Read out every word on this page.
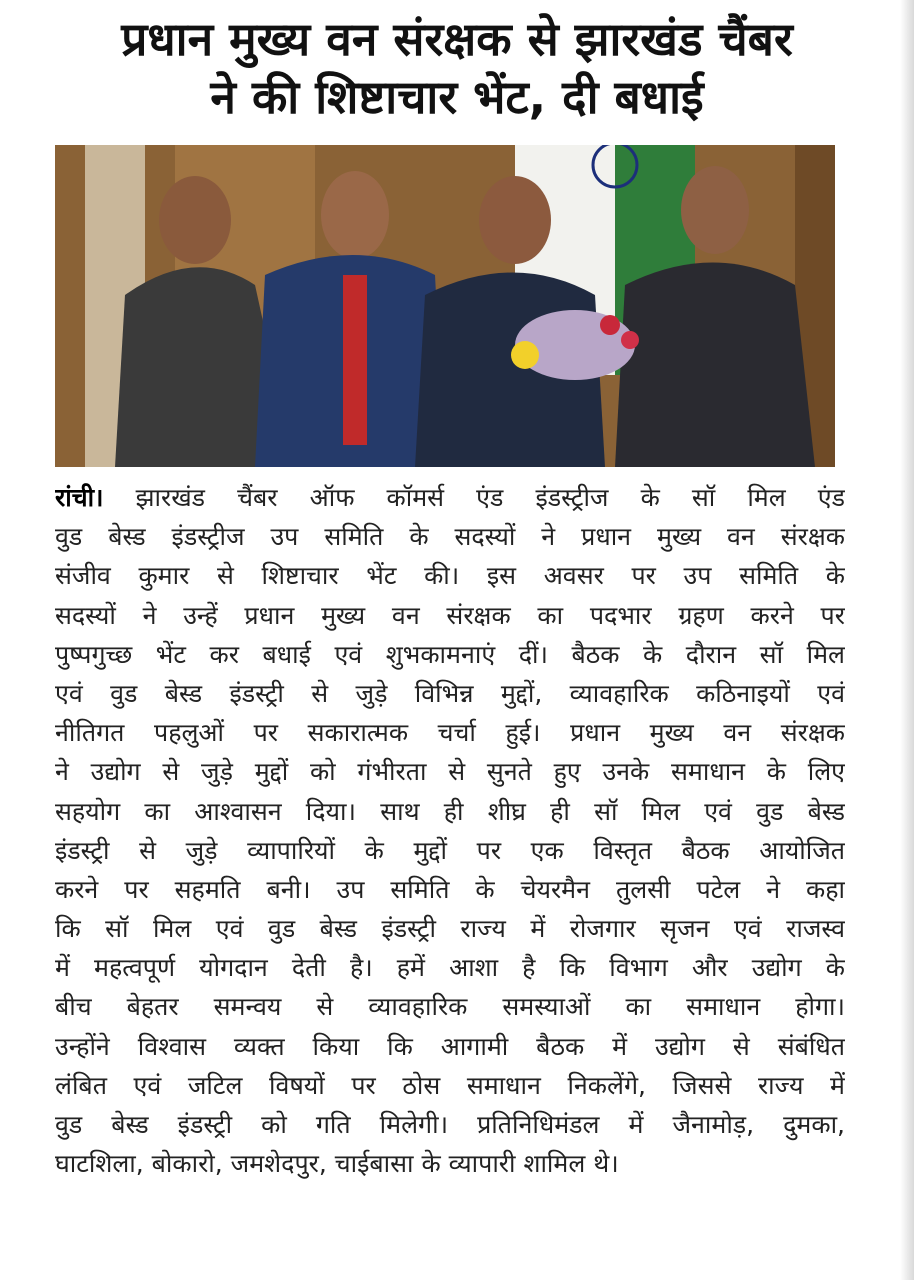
प्रधान मुख्य वन संरक्षक से झारखंड चैंबर
ने की शिष्टाचार भेंट, दी बधाई
रांची। झारखंड चैंबर ऑफ कॉमर्स एंड इंडस्ट्रीज के सॉ मिल एंड
वुड बेस्ड इंडस्ट्रीज उप समिति के सदस्यों ने प्रधान मुख्य वन संरक्षक
संजीव कुमार से शिष्टाचार भेंट की। इस अवसर पर उप समिति के
सदस्यों ने उन्हें प्रधान मुख्य वन संरक्षक का पदभार ग्रहण करने पर
पुष्पगुच्छ भेंट कर बधाई एवं शुभकामनाएं दीं। बैठक के दौरान सॉ मिल
एवं वुड बेस्ड इंडस्ट्री से जुड़े विभिन्न मुद्दों, व्यावहारिक कठिनाइयों एवं
नीतिगत पहलुओं पर सकारात्मक चर्चा हुई। प्रधान मुख्य वन संरक्षक
ने उद्योग से जुड़े मुद्दों को गंभीरता से सुनते हुए उनके समाधान के लिए
सहयोग का आश्वासन दिया। साथ ही शीघ्र ही सॉ मिल एवं वुड बेस्ड
इंडस्ट्री से जुड़े व्यापारियों के मुद्दों पर एक विस्तृत बैठक आयोजित
करने पर सहमति बनी। उप समिति के चेयरमैन तुलसी पटेल ने कहा
कि सॉ मिल एवं वुड बेस्ड इंडस्ट्री राज्य में रोजगार सृजन एवं राजस्व
में महत्वपूर्ण योगदान देती है। हमें आशा है कि विभाग और उद्योग के
बीच बेहतर समन्वय से व्यावहारिक समस्याओं का समाधान होगा।
उन्होंने विश्वास व्यक्त किया कि आगामी बैठक में उद्योग से संबंधित
लंबित एवं जटिल विषयों पर ठोस समाधान निकलेंगे, जिससे राज्य में
वुड बेस्ड इंडस्ट्री को गति मिलेगी। प्रतिनिधिमंडल में जैनामोड़, दुमका,
घाटशिला, बोकारो, जमशेदपुर, चाईबासा के व्यापारी शामिल थे।
